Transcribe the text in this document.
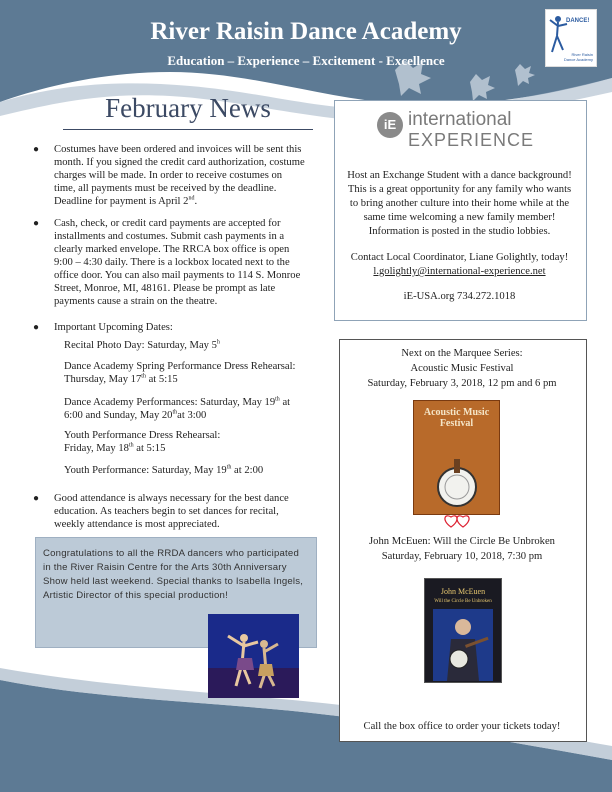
River Raisin Dance Academy
Education – Experience – Excitement - Excellence
DANCE!
River Raisin
Dance Academy
February News
● Costumes have been ordered and invoices will be sent this
month. If you signed the credit card authorization, costume
charges will be made. In order to receive costumes on
time, all payments must be received by the deadline.
Deadline for payment is April 2nd.
● Cash, check, or credit card payments are accepted for
installments and costumes. Submit cash payments in a
clearly marked envelope. The RRCA box office is open
9:00 – 4:30 daily. There is a lockbox located next to the
office door. You can also mail payments to 114 S. Monroe
Street, Monroe, MI, 48161. Please be prompt as late
payments cause a strain on the theatre.
● Important Upcoming Dates:
Recital Photo Day: Saturday, May 5$^h$
Dance Academy Spring Performance Dress Rehearsal:
Thursday, May 17th at 5:15
Dance Academy Performances: Saturday, May 19th at
6:00 and Sunday, May 20that 3:00
Youth Performance Dress Rehearsal:
Friday, May 18th at 5:15
Youth Performance: Saturday, May 19th at 2:00
● Good attendance is always necessary for the best dance
education. As teachers begin to set dances for recital,
weekly attendance is most appreciated.
Congratulations to all the RRDA dancers who participated
in the River Raisin Centre for the Arts 30th Anniversary
Show held last weekend. Special thanks to Isabella Ingels,
Artistic Director of this special production!
iE international
EXPERIENCE
Host an Exchange Student with a dance background!
This is a great opportunity for any family who wants
to bring another culture into their home while at the
same time welcoming a new family member!
Information is posted in the studio lobbies.
Contact Local Coordinator, Liane Golightly, today!
l.golightly@international-experience.net
iE-USA.org 734.272.1018
Next on the Marquee Series:
Acoustic Music Festival
Saturday, February 3, 2018, 12 pm and 6 pm
Acoustic Music Festival
John McEuen: Will the Circle Be Unbroken
Saturday, February 10, 2018, 7:30 pm
John McEuen
Will the Circle Be Unbroken
Call the box office to order your tickets today!
